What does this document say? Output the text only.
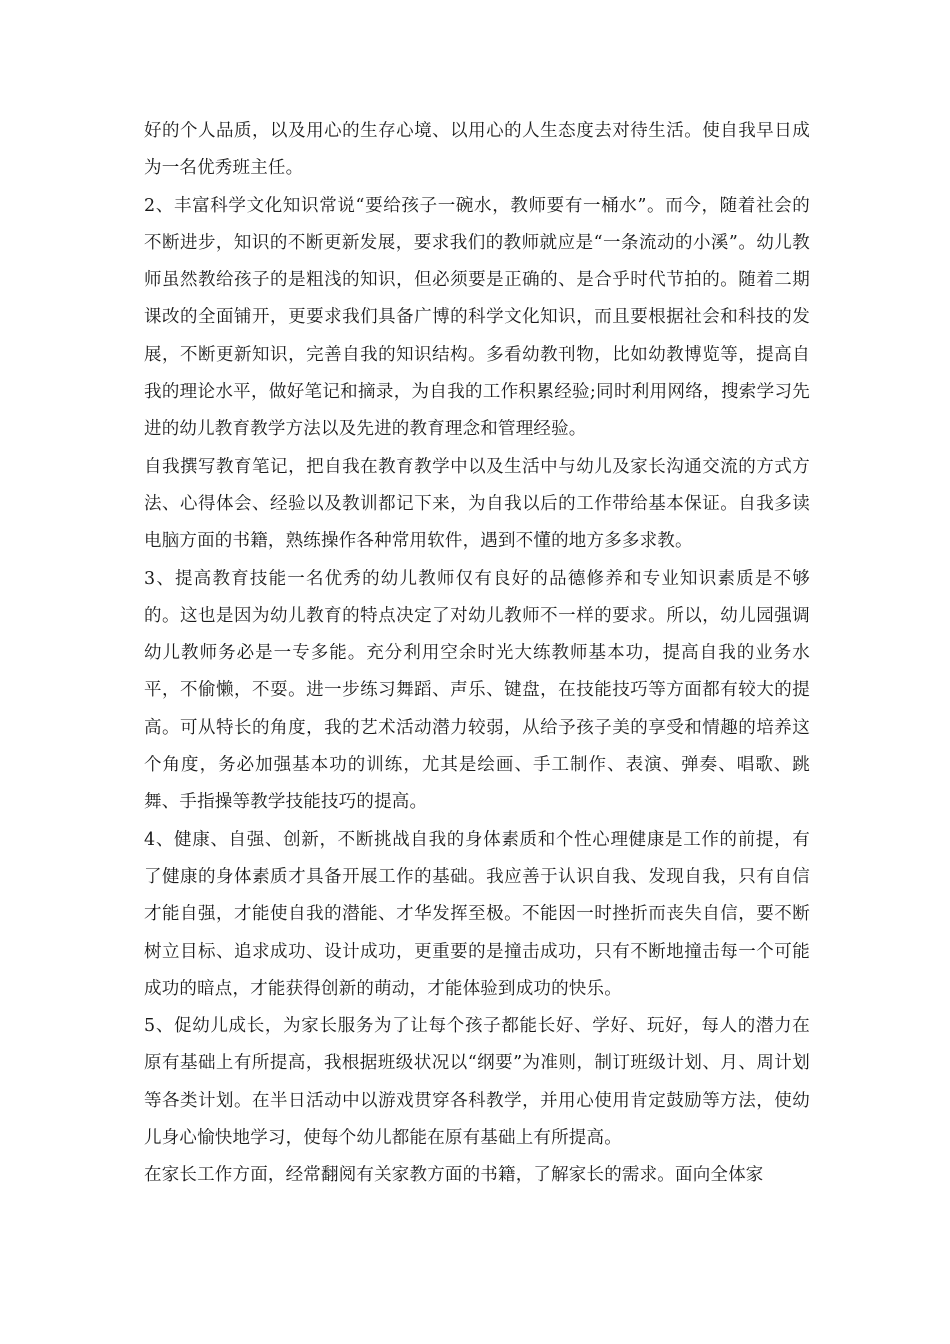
好的个人品质，以及用心的生存心境、以用心的人生态度去对待生活。使自我早日成为一名优秀班主任。

2、丰富科学文化知识常说“要给孩子一碗水，教师要有一桶水”。而今，随着社会的不断进步，知识的不断更新发展，要求我们的教师就应是“一条流动的小溪”。幼儿教师虽然教给孩子的是粗浅的知识，但必须要是正确的、是合乎时代节拍的。随着二期课改的全面铺开，更要求我们具备广博的科学文化知识，而且要根据社会和科技的发展，不断更新知识，完善自我的知识结构。多看幼教刊物，比如幼教博览等，提高自我的理论水平，做好笔记和摘录，为自我的工作积累经验;同时利用网络，搜索学习先进的幼儿教育教学方法以及先进的教育理念和管理经验。

自我撰写教育笔记，把自我在教育教学中以及生活中与幼儿及家长沟通交流的方式方法、心得体会、经验以及教训都记下来，为自我以后的工作带给基本保证。自我多读电脑方面的书籍，熟练操作各种常用软件，遇到不懂的地方多多求教。

3、提高教育技能一名优秀的幼儿教师仅有良好的品德修养和专业知识素质是不够的。这也是因为幼儿教育的特点决定了对幼儿教师不一样的要求。所以，幼儿园强调幼儿教师务必是一专多能。充分利用空余时光大练教师基本功，提高自我的业务水平，不偷懒，不耍。进一步练习舞蹈、声乐、键盘，在技能技巧等方面都有较大的提高。可从特长的角度，我的艺术活动潜力较弱，从给予孩子美的享受和情趣的培养这个角度，务必加强基本功的训练，尤其是绘画、手工制作、表演、弹奏、唱歌、跳舞、手指操等教学技能技巧的提高。

4、健康、自强、创新，不断挑战自我的身体素质和个性心理健康是工作的前提，有了健康的身体素质才具备开展工作的基础。我应善于认识自我、发现自我，只有自信才能自强，才能使自我的潜能、才华发挥至极。不能因一时挫折而丧失自信，要不断树立目标、追求成功、设计成功，更重要的是撞击成功，只有不断地撞击每一个可能成功的暗点，才能获得创新的萌动，才能体验到成功的快乐。

5、促幼儿成长，为家长服务为了让每个孩子都能长好、学好、玩好，每人的潜力在原有基础上有所提高，我根据班级状况以“纲要”为准则，制订班级计划、月、周计划等各类计划。在半日活动中以游戏贯穿各科教学，并用心使用肯定鼓励等方法，使幼儿身心愉快地学习，使每个幼儿都能在原有基础上有所提高。

在家长工作方面，经常翻阅有关家教方面的书籍，了解家长的需求。面向全体家
